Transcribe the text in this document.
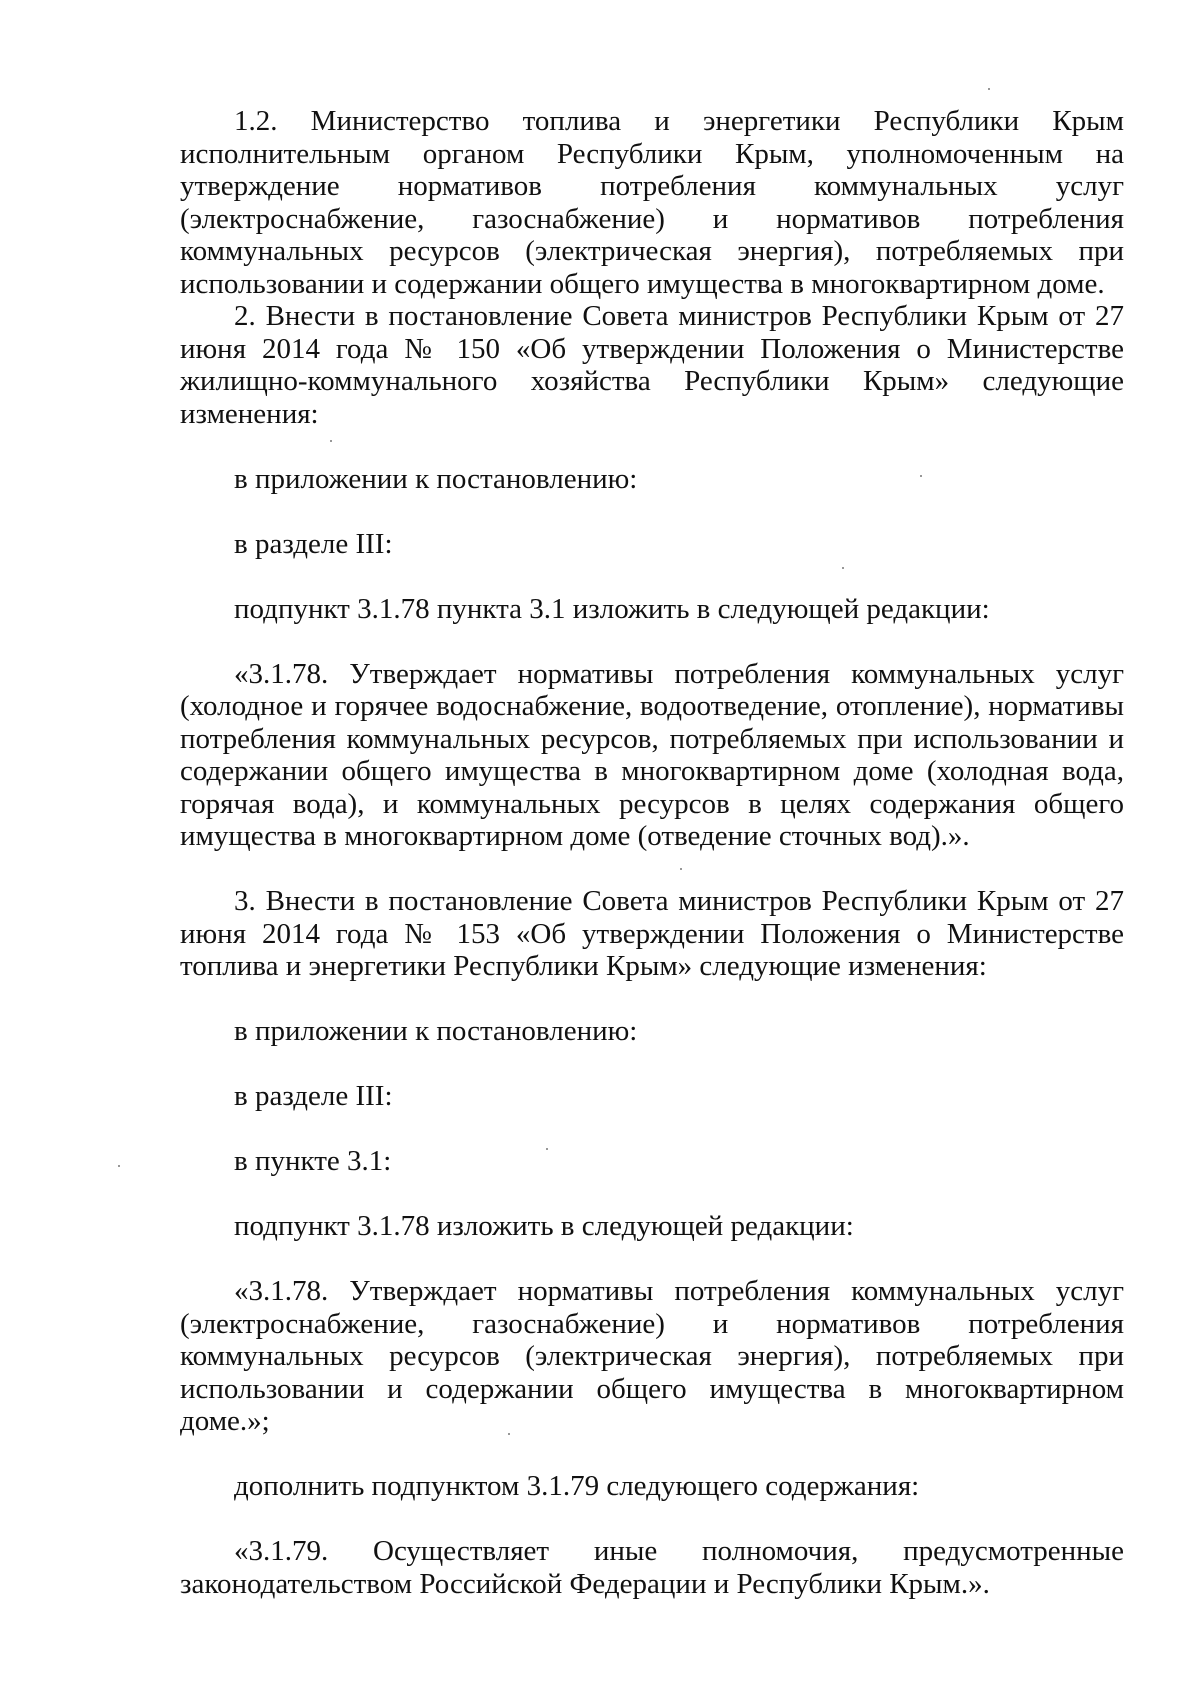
1.2. Министерство топлива и энергетики Республики Крым исполнительным органом Республики Крым, уполномоченным на утверждение нормативов потребления коммунальных услуг (электроснабжение, газоснабжение) и нормативов потребления коммунальных ресурсов (электрическая энергия), потребляемых при использовании и содержании общего имущества в многоквартирном доме.

2. Внести в постановление Совета министров Республики Крым от 27 июня 2014 года № 150 «Об утверждении Положения о Министерстве жилищно-коммунального хозяйства Республики Крым» следующие изменения:

в приложении к постановлению:

в разделе III:

подпункт 3.1.78 пункта 3.1 изложить в следующей редакции:

«3.1.78. Утверждает нормативы потребления коммунальных услуг (холодное и горячее водоснабжение, водоотведение, отопление), нормативы потребления коммунальных ресурсов, потребляемых при использовании и содержании общего имущества в многоквартирном доме (холодная вода, горячая вода), и коммунальных ресурсов в целях содержания общего имущества в многоквартирном доме (отведение сточных вод).».

3. Внести в постановление Совета министров Республики Крым от 27 июня 2014 года № 153 «Об утверждении Положения о Министерстве топлива и энергетики Республики Крым» следующие изменения:

в приложении к постановлению:

в разделе III:

в пункте 3.1:

подпункт 3.1.78 изложить в следующей редакции:

«3.1.78. Утверждает нормативы потребления коммунальных услуг (электроснабжение, газоснабжение) и нормативов потребления коммунальных ресурсов (электрическая энергия), потребляемых при использовании и содержании общего имущества в многоквартирном доме.»;

дополнить подпунктом 3.1.79 следующего содержания:

«3.1.79. Осуществляет иные полномочия, предусмотренные законодательством Российской Федерации и Республики Крым.».
